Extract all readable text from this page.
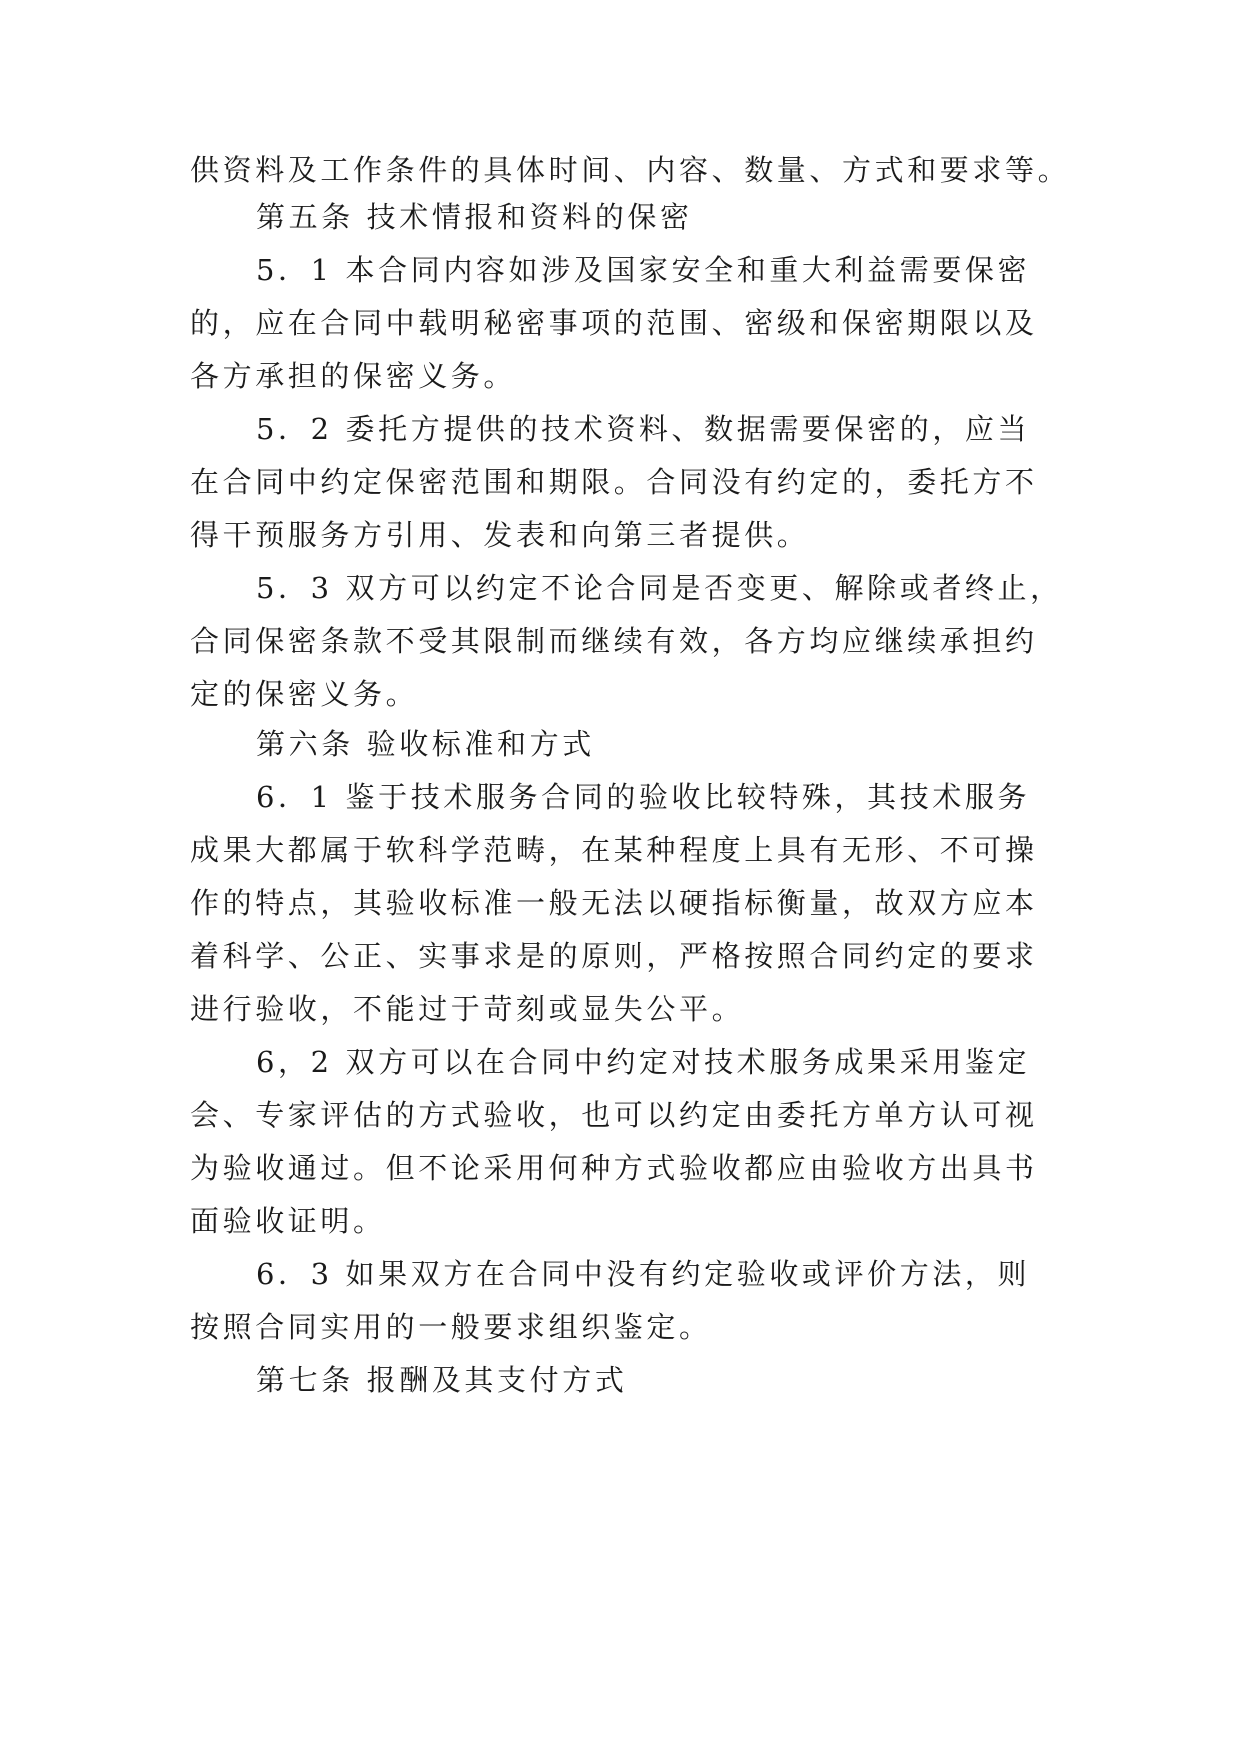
供资料及工作条件的具体时间、内容、数量、方式和要求等。

第五条 技术情报和资料的保密

5．1 本合同内容如涉及国家安全和重大利益需要保密

的，应在合同中载明秘密事项的范围、密级和保密期限以及

各方承担的保密义务。

5．2 委托方提供的技术资料、数据需要保密的，应当

在合同中约定保密范围和期限。合同没有约定的，委托方不

得干预服务方引用、发表和向第三者提供。

5．3 双方可以约定不论合同是否变更、解除或者终止，

合同保密条款不受其限制而继续有效，各方均应继续承担约

定的保密义务。

第六条 验收标准和方式

6．1 鉴于技术服务合同的验收比较特殊，其技术服务

成果大都属于软科学范畴，在某种程度上具有无形、不可操

作的特点，其验收标准一般无法以硬指标衡量，故双方应本

着科学、公正、实事求是的原则，严格按照合同约定的要求

进行验收，不能过于苛刻或显失公平。

6，2 双方可以在合同中约定对技术服务成果采用鉴定

会、专家评估的方式验收，也可以约定由委托方单方认可视

为验收通过。但不论采用何种方式验收都应由验收方出具书

面验收证明。

6．3 如果双方在合同中没有约定验收或评价方法，则

按照合同实用的一般要求组织鉴定。

第七条 报酬及其支付方式
